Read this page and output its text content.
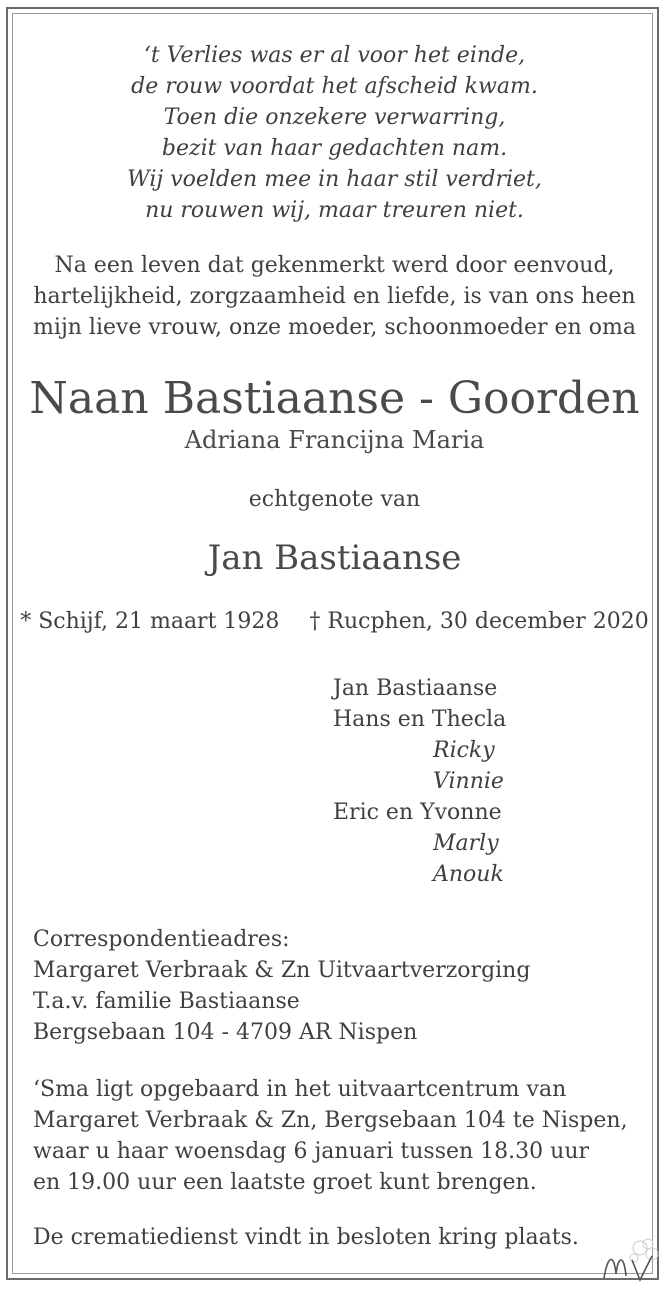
‘t Verlies was er al voor het einde,
de rouw voordat het afscheid kwam.
Toen die onzekere verwarring,
bezit van haar gedachten nam.
Wij voelden mee in haar stil verdriet,
nu rouwen wij, maar treuren niet.
Na een leven dat gekenmerkt werd door eenvoud,
hartelijkheid, zorgzaamheid en liefde, is van ons heen
mijn lieve vrouw, onze moeder, schoonmoeder en oma
Naan Bastiaanse - Goorden
Adriana Francijna Maria
echtgenote van
Jan Bastiaanse
* Schijf, 21 maart 1928 † Rucphen, 30 december 2020
Jan Bastiaanse
Hans en Thecla
Ricky
Vinnie
Eric en Yvonne
Marly
Anouk
Correspondentieadres:
Margaret Verbraak & Zn Uitvaartverzorging
T.a.v. familie Bastiaanse
Bergsebaan 104 - 4709 AR Nispen
‘Sma ligt opgebaard in het uitvaartcentrum van
Margaret Verbraak & Zn, Bergsebaan 104 te Nispen,
waar u haar woensdag 6 januari tussen 18.30 uur
en 19.00 uur een laatste groet kunt brengen.
De crematiedienst vindt in besloten kring plaats.
